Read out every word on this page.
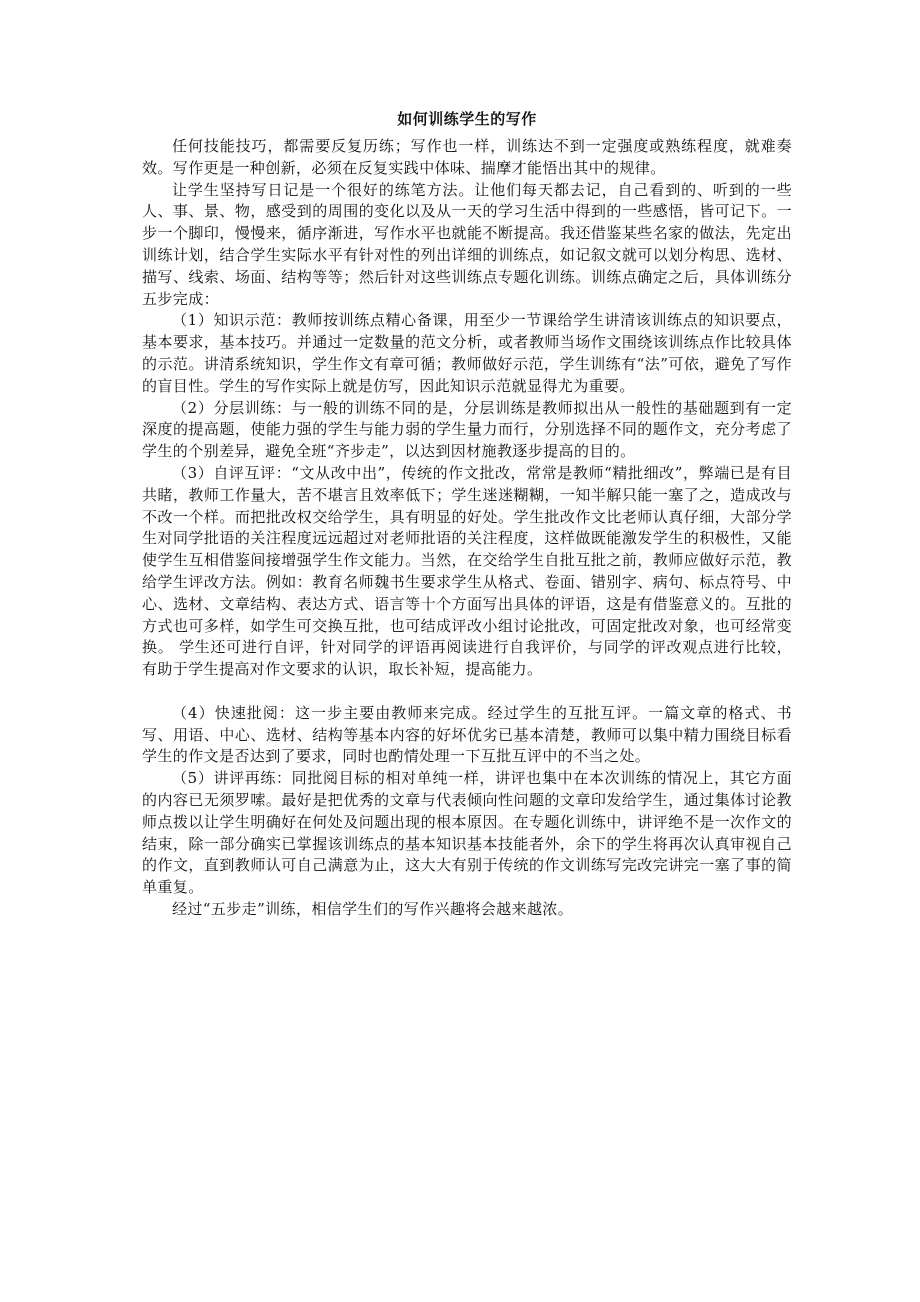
如何训练学生的写作

任何技能技巧，都需要反复历练；写作也一样，训练达不到一定强度或熟练程度，就难奏效。写作更是一种创新，必须在反复实践中体味、揣摩才能悟出其中的规律。

让学生坚持写日记是一个很好的练笔方法。让他们每天都去记，自己看到的、听到的一些人、事、景、物，感受到的周围的变化以及从一天的学习生活中得到的一些感悟，皆可记下。一步一个脚印，慢慢来，循序渐进，写作水平也就能不断提高。我还借鉴某些名家的做法，先定出训练计划，结合学生实际水平有针对性的列出详细的训练点，如记叙文就可以划分构思、选材、描写、线索、场面、结构等等；然后针对这些训练点专题化训练。训练点确定之后，具体训练分五步完成：

（1）知识示范：教师按训练点精心备课，用至少一节课给学生讲清该训练点的知识要点，基本要求，基本技巧。并通过一定数量的范文分析，或者教师当场作文围绕该训练点作比较具体的示范。讲清系统知识，学生作文有章可循；教师做好示范，学生训练有“法”可依，避免了写作的盲目性。学生的写作实际上就是仿写，因此知识示范就显得尤为重要。

（2）分层训练：与一般的训练不同的是，分层训练是教师拟出从一般性的基础题到有一定深度的提高题，使能力强的学生与能力弱的学生量力而行，分别选择不同的题作文，充分考虑了学生的个别差异，避免全班“齐步走”，以达到因材施教逐步提高的目的。

（3）自评互评：“文从改中出”，传统的作文批改，常常是教师“精批细改”，弊端已是有目共睹，教师工作量大，苦不堪言且效率低下；学生迷迷糊糊，一知半解只能一塞了之，造成改与不改一个样。而把批改权交给学生，具有明显的好处。学生批改作文比老师认真仔细，大部分学生对同学批语的关注程度远远超过对老师批语的关注程度，这样做既能激发学生的积极性，又能使学生互相借鉴间接增强学生作文能力。当然，在交给学生自批互批之前，教师应做好示范，教给学生评改方法。例如：教育名师魏书生要求学生从格式、卷面、错别字、病句、标点符号、中心、选材、文章结构、表达方式、语言等十个方面写出具体的评语，这是有借鉴意义的。互批的方式也可多样，如学生可交换互批，也可结成评改小组讨论批改，可固定批改对象，也可经常变换。 学生还可进行自评，针对同学的评语再阅读进行自我评价，与同学的评改观点进行比较，有助于学生提高对作文要求的认识，取长补短，提高能力。

（4）快速批阅：这一步主要由教师来完成。经过学生的互批互评。一篇文章的格式、书写、用语、中心、选材、结构等基本内容的好坏优劣已基本清楚，教师可以集中精力围绕目标看学生的作文是否达到了要求，同时也酌情处理一下互批互评中的不当之处。

（5）讲评再练：同批阅目标的相对单纯一样，讲评也集中在本次训练的情况上，其它方面的内容已无须罗嗦。最好是把优秀的文章与代表倾向性问题的文章印发给学生，通过集体讨论教师点拨以让学生明确好在何处及问题出现的根本原因。在专题化训练中，讲评绝不是一次作文的结束，除一部分确实已掌握该训练点的基本知识基本技能者外，余下的学生将再次认真审视自己的作文，直到教师认可自己满意为止，这大大有别于传统的作文训练写完改完讲完一塞了事的简单重复。

经过“五步走”训练，相信学生们的写作兴趣将会越来越浓。
